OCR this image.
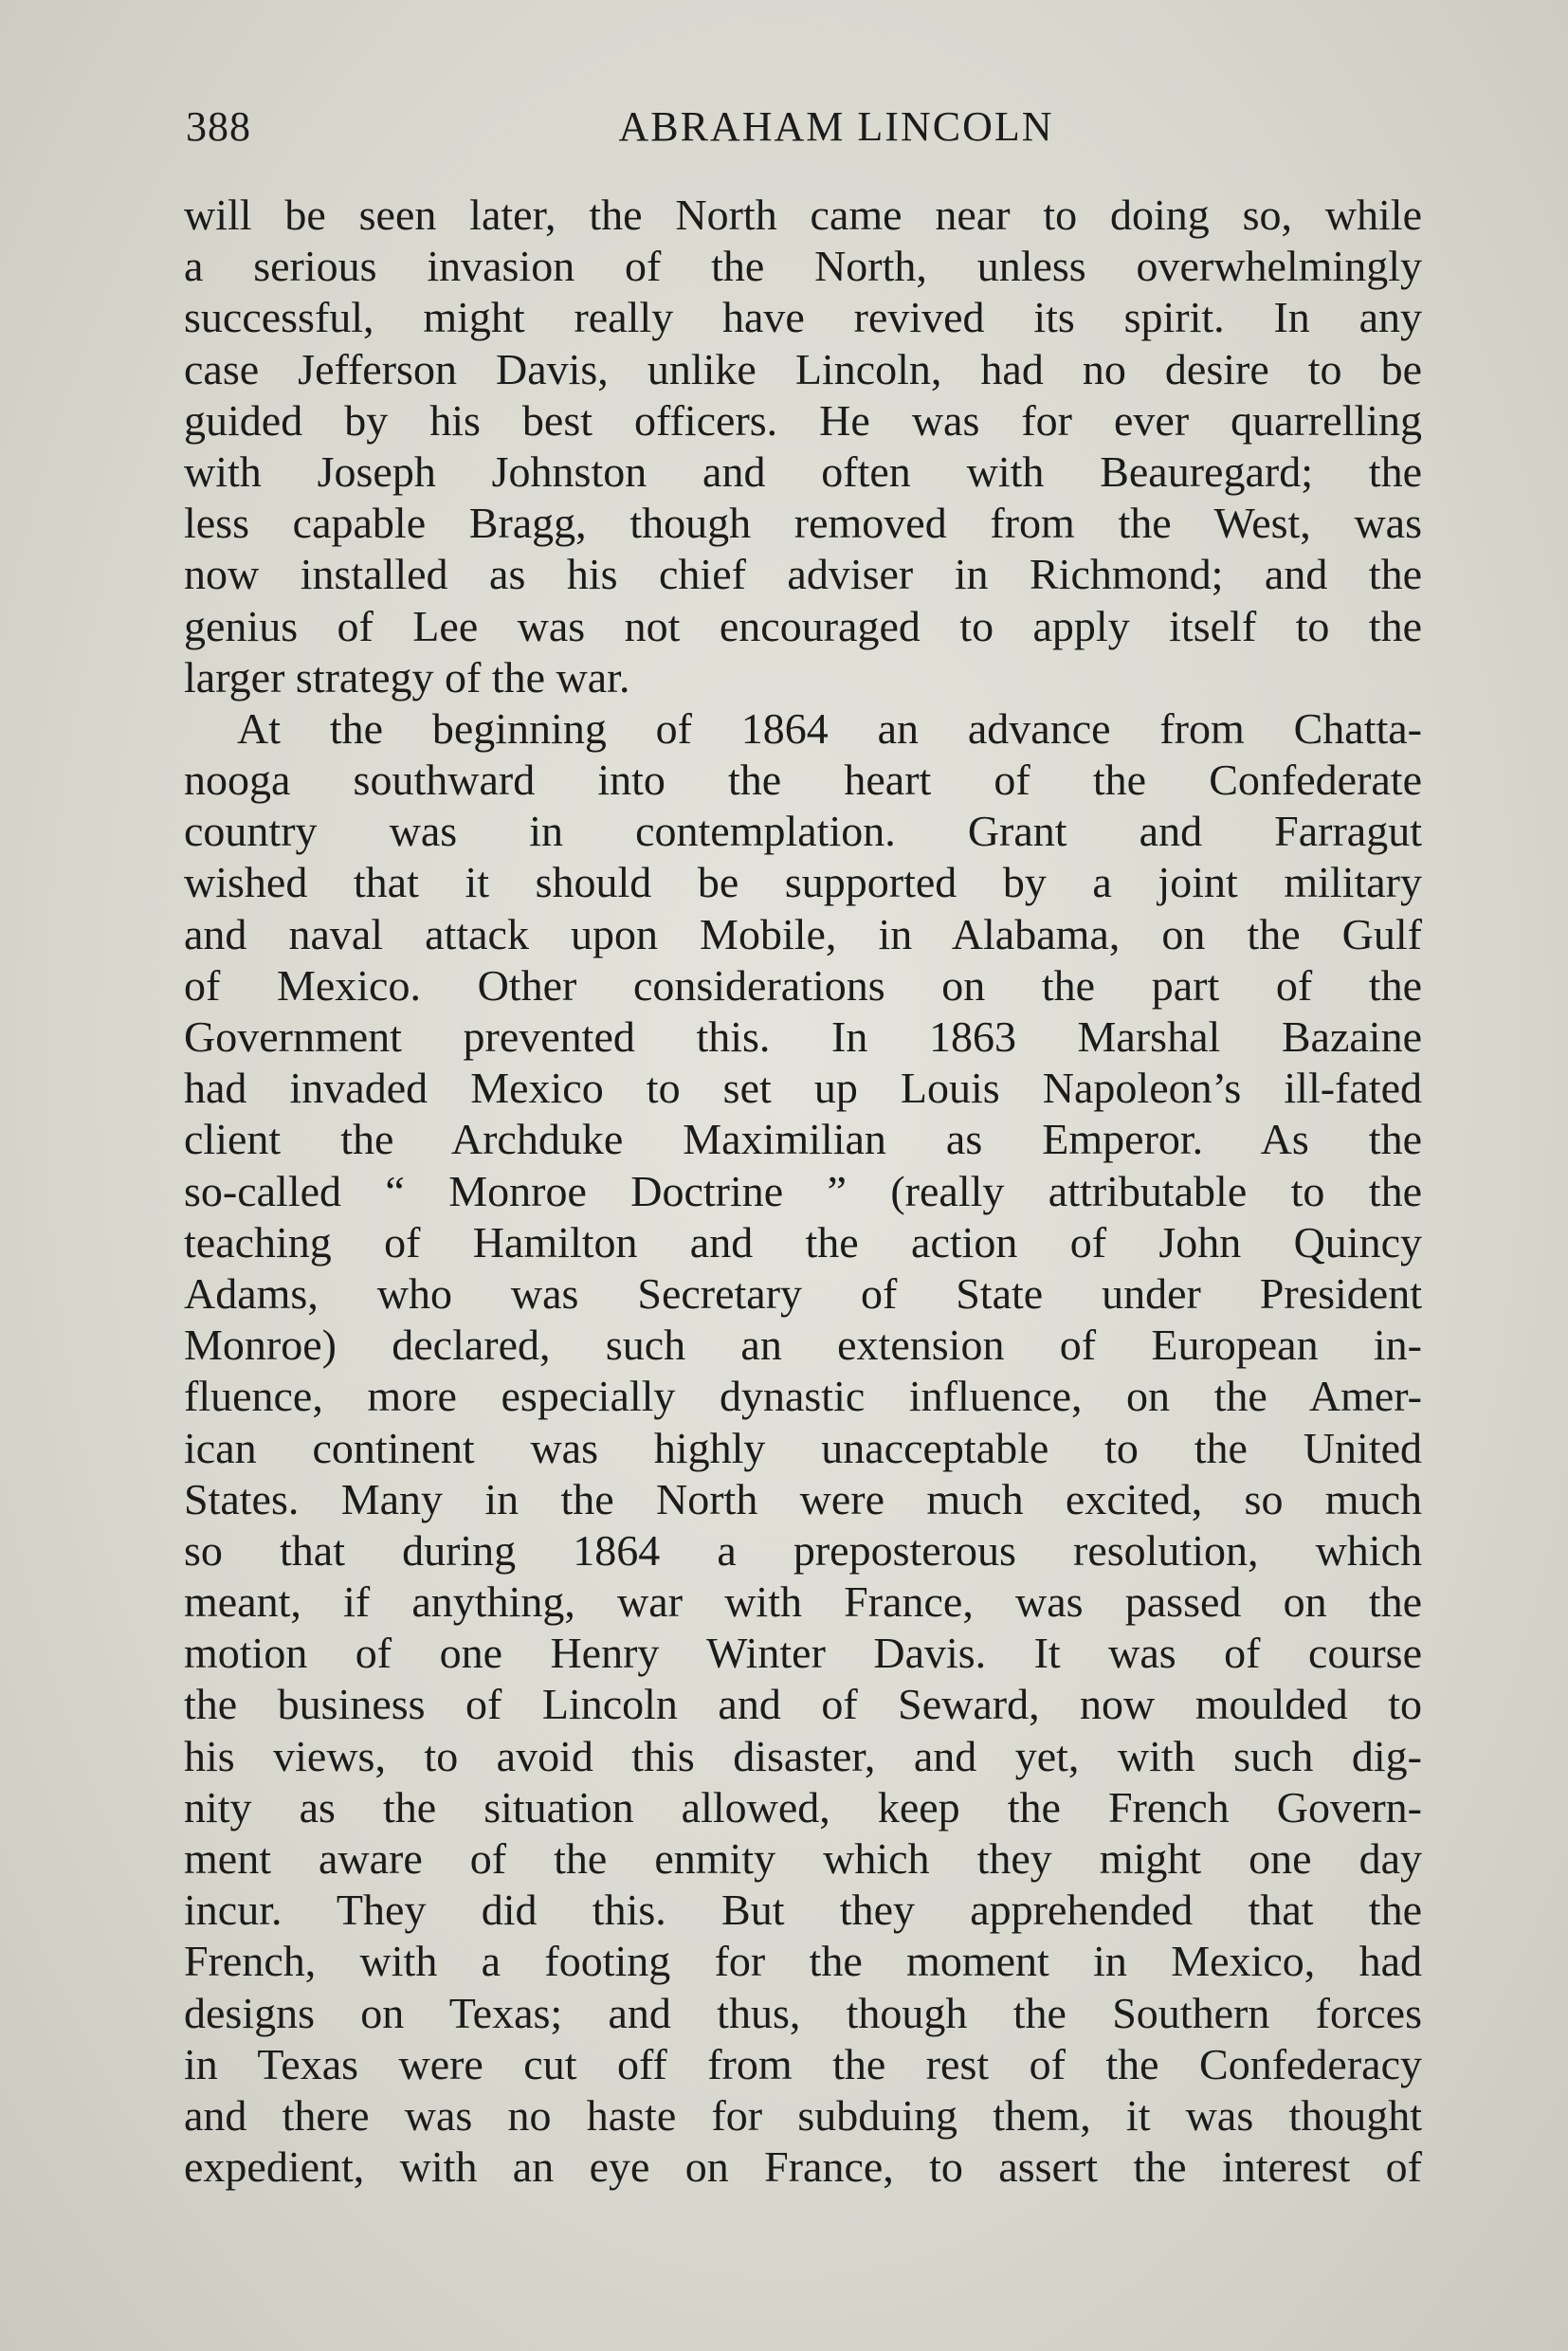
388	ABRAHAM LINCOLN
will be seen later, the North came near to doing so, while
a serious invasion of the North, unless overwhelmingly
successful, might really have revived its spirit. In any
case Jefferson Davis, unlike Lincoln, had no desire to be
guided by his best officers. He was for ever quarrelling
with Joseph Johnston and often with Beauregard; the
less capable Bragg, though removed from the West, was
now installed as his chief adviser in Richmond; and the
genius of Lee was not encouraged to apply itself to the
larger strategy of the war.
At the beginning of 1864 an advance from Chatta-
nooga southward into the heart of the Confederate
country was in contemplation. Grant and Farragut
wished that it should be supported by a joint military
and naval attack upon Mobile, in Alabama, on the Gulf
of Mexico. Other considerations on the part of the
Government prevented this. In 1863 Marshal Bazaine
had invaded Mexico to set up Louis Napoleon’s ill-fated
client the Archduke Maximilian as Emperor. As the
so-called “ Monroe Doctrine ” (really attributable to the
teaching of Hamilton and the action of John Quincy
Adams, who was Secretary of State under President
Monroe) declared, such an extension of European in-
fluence, more especially dynastic influence, on the Amer-
ican continent was highly unacceptable to the United
States. Many in the North were much excited, so much
so that during 1864 a preposterous resolution, which
meant, if anything, war with France, was passed on the
motion of one Henry Winter Davis. It was of course
the business of Lincoln and of Seward, now moulded to
his views, to avoid this disaster, and yet, with such dig-
nity as the situation allowed, keep the French Govern-
ment aware of the enmity which they might one day
incur. They did this. But they apprehended that the
French, with a footing for the moment in Mexico, had
designs on Texas; and thus, though the Southern forces
in Texas were cut off from the rest of the Confederacy
and there was no haste for subduing them, it was thought
expedient, with an eye on France, to assert the interest of
